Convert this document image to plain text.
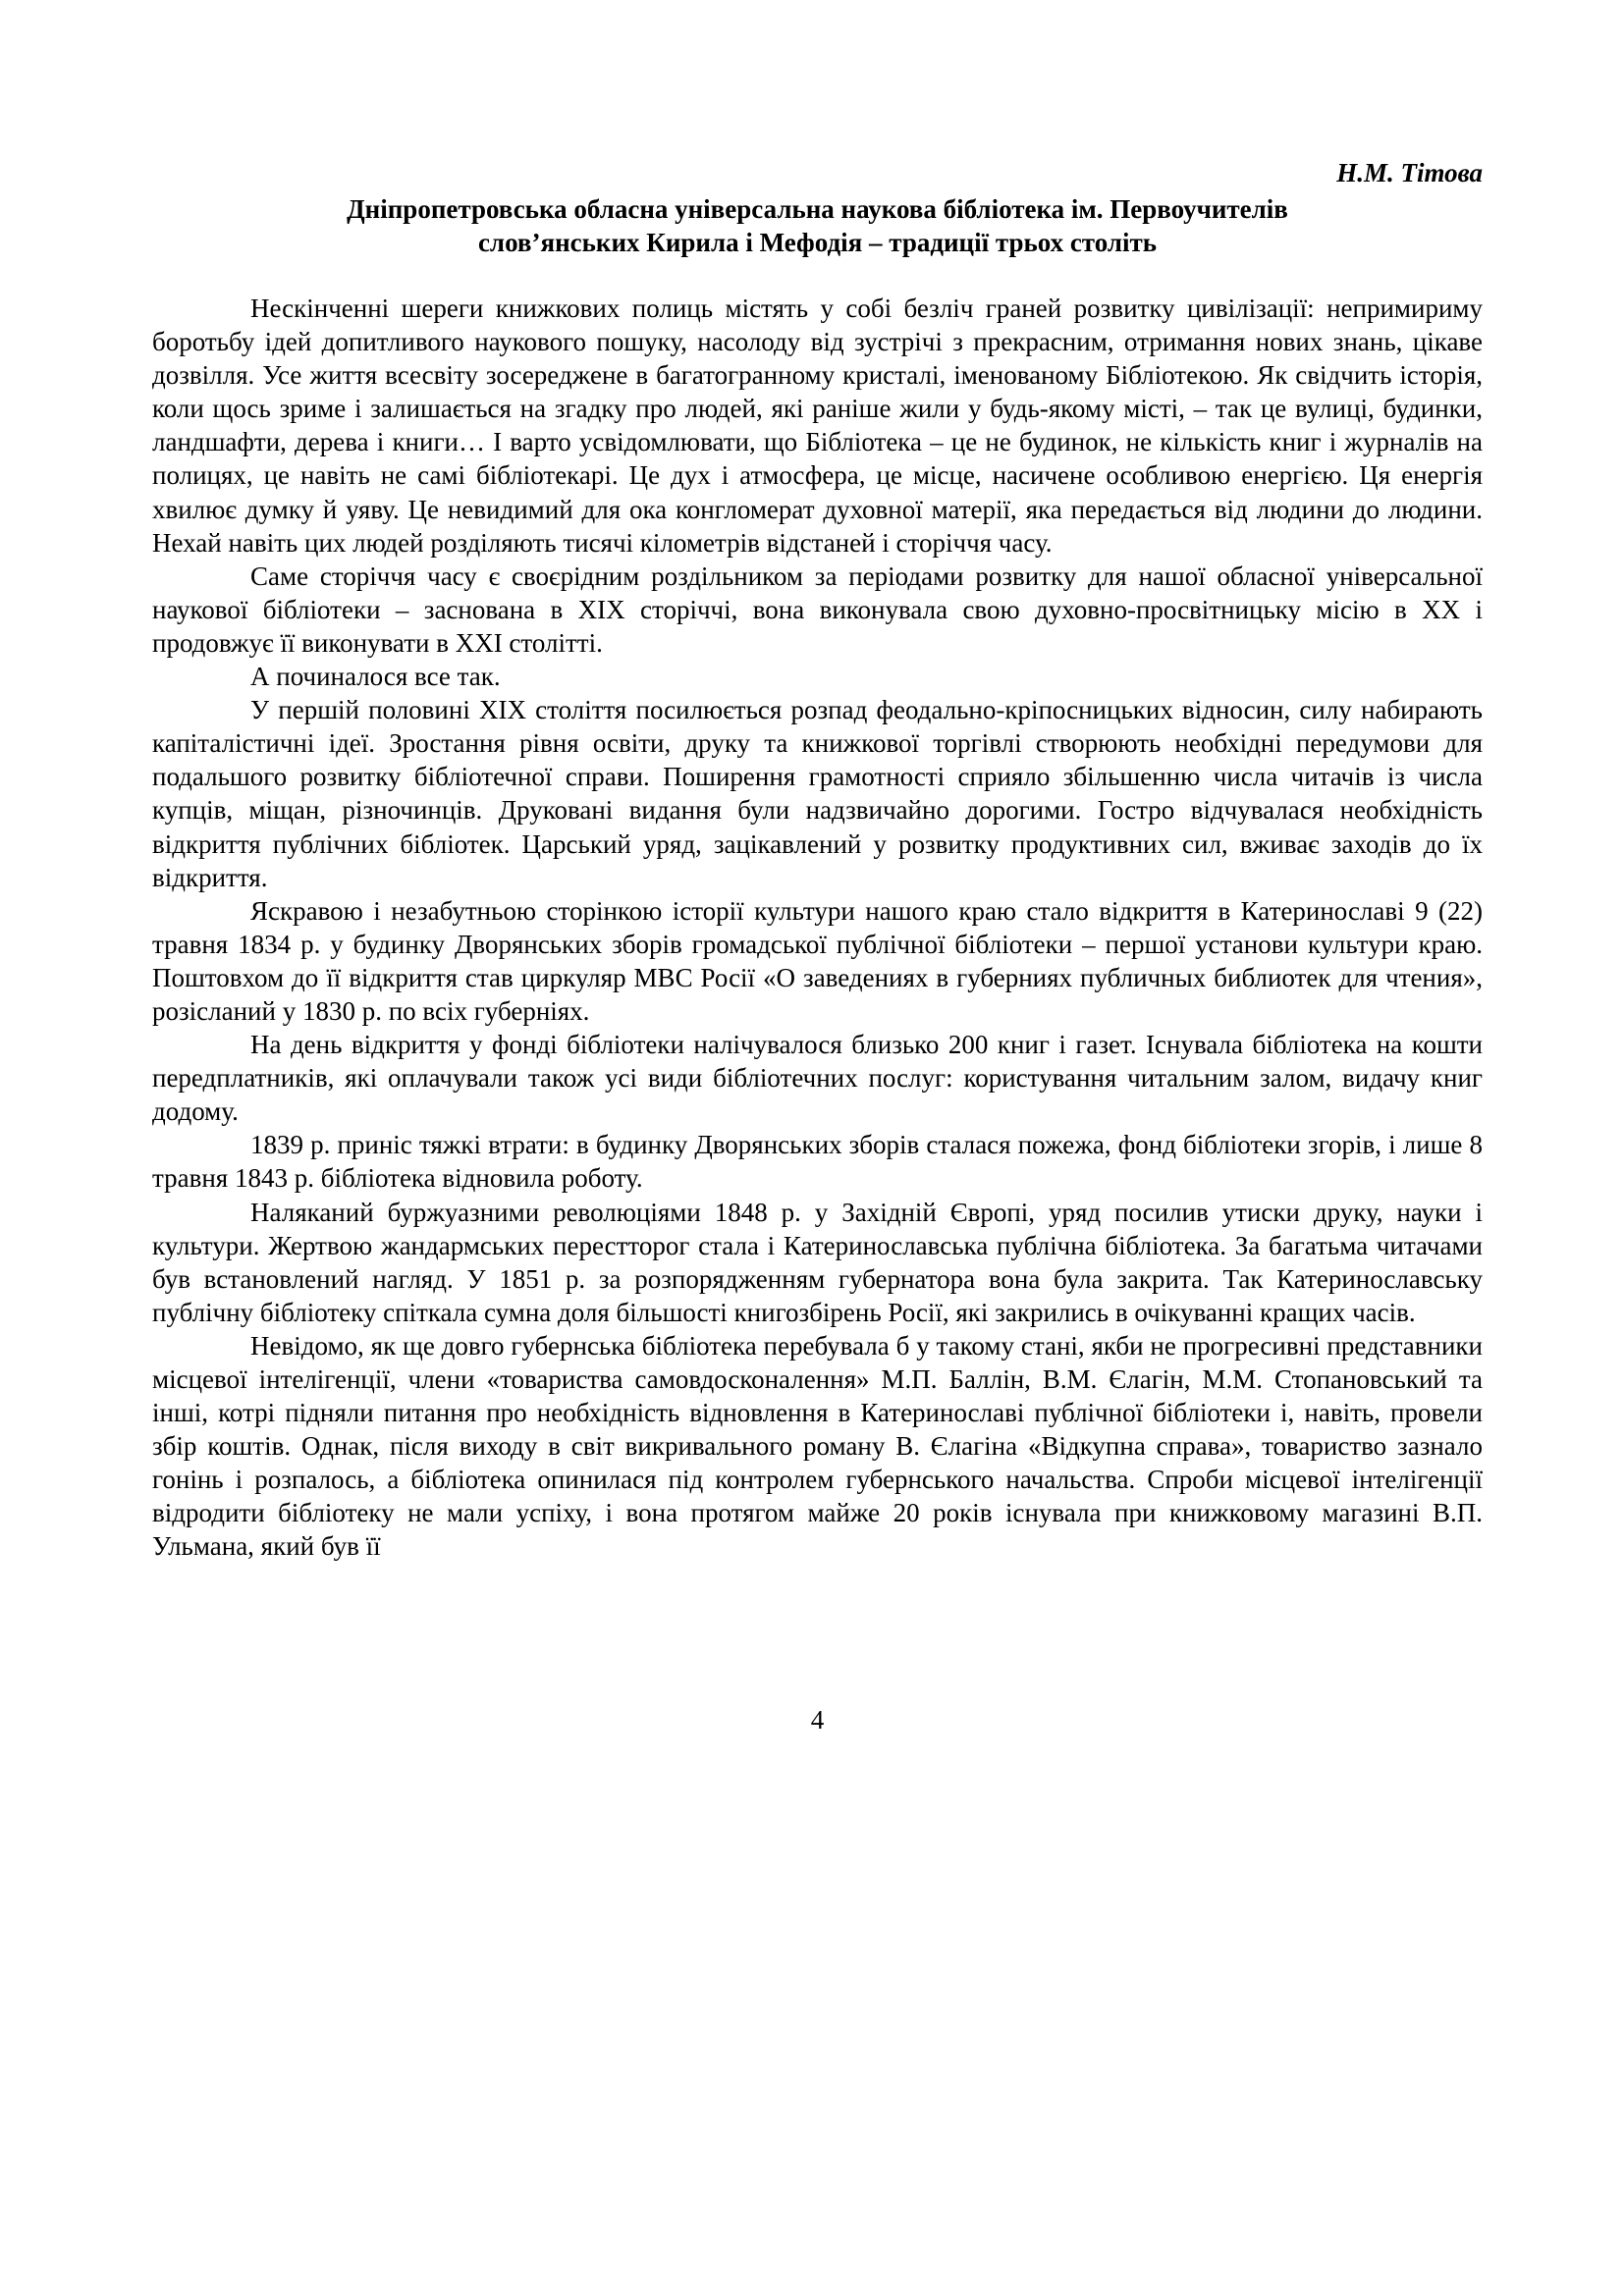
Н.М. Тітова
Дніпропетровська обласна універсальна наукова бібліотека ім. Первоучителів
слов’янських Кирила і Мефодія – традиції трьох століть

Нескінченні шереги книжкових полиць містять у собі безліч граней розвитку цивілізації: непримириму боротьбу ідей допитливого наукового пошуку, насолоду від зустрічі з прекрасним, отримання нових знань, цікаве дозвілля. Усе життя всесвіту зосереджене в багатогранному кристалі, іменованому Бібліотекою. Як свідчить історія, коли щось зриме і залишається на згадку про людей, які раніше жили у будь-якому місті, – так це вулиці, будинки, ландшафти, дерева і книги… І варто усвідомлювати, що Бібліотека – це не будинок, не кількість книг і журналів на полицях, це навіть не самі бібліотекарі. Це дух і атмосфера, це місце, насичене особливою енергією. Ця енергія хвилює думку й уяву. Це невидимий для ока конгломерат духовної матерії, яка передається від людини до людини. Нехай навіть цих людей розділяють тисячі кілометрів відстаней і сторіччя часу.

Саме сторіччя часу є своєрідним роздільником за періодами розвитку для нашої обласної універсальної наукової бібліотеки – заснована в ХІХ сторіччі, вона виконувала свою духовно-просвітницьку місію в ХХ і продовжує її виконувати в ХХІ столітті.

А починалося все так.

У першій половині ХІХ століття посилюється розпад феодально-кріпосницьких відносин, силу набирають капіталістичні ідеї. Зростання рівня освіти, друку та книжкової торгівлі створюють необхідні передумови для подальшого розвитку бібліотечної справи. Поширення грамотності сприяло збільшенню числа читачів із числа купців, міщан, різночинців. Друковані видання були надзвичайно дорогими. Гостро відчувалася необхідність відкриття публічних бібліотек. Царський уряд, зацікавлений у розвитку продуктивних сил, вживає заходів до їх відкриття.

Яскравою і незабутньою сторінкою історії культури нашого краю стало відкриття в Катеринославі 9 (22) травня 1834 р. у будинку Дворянських зборів громадської публічної бібліотеки – першої установи культури краю. Поштовхом до її відкриття став циркуляр МВС Росії «О заведениях в губерниях публичных библиотек для чтения», розісланий у 1830 р. по всіх губерніях.

На день відкриття у фонді бібліотеки налічувалося близько 200 книг і газет. Існувала бібліотека на кошти передплатників, які оплачували також усі види бібліотечних послуг: користування читальним залом, видачу книг додому.

1839 р. приніс тяжкі втрати: в будинку Дворянських зборів сталася пожежа, фонд бібліотеки згорів, і лише 8 травня 1843 р. бібліотека відновила роботу.

Наляканий буржуазними революціями 1848 р. у Західній Європі, уряд посилив утиски друку, науки і культури. Жертвою жандармських перестторог стала і Катеринославська публічна бібліотека. За багатьма читачами був встановлений нагляд. У 1851 р. за розпорядженням губернатора вона була закрита. Так Катеринославську публічну бібліотеку спіткала сумна доля більшості книгозбірень Росії, які закрились в очікуванні кращих часів.

Невідомо, як ще довго губернська бібліотека перебувала б у такому стані, якби не прогресивні представники місцевої інтелігенції, члени «товариства самовдосконалення» М.П. Баллін, В.М. Єлагін, М.М. Стопановський та інші, котрі підняли питання про необхідність відновлення в Катеринославі публічної бібліотеки і, навіть, провели збір коштів. Однак, після виходу в світ викривального роману В. Єлагіна «Відкупна справа», товариство зазнало гонінь і розпалось, а бібліотека опинилася під контролем губернського начальства. Спроби місцевої інтелігенції відродити бібліотеку не мали успіху, і вона протягом майже 20 років існувала при книжковому магазині В.П. Ульмана, який був її

4
